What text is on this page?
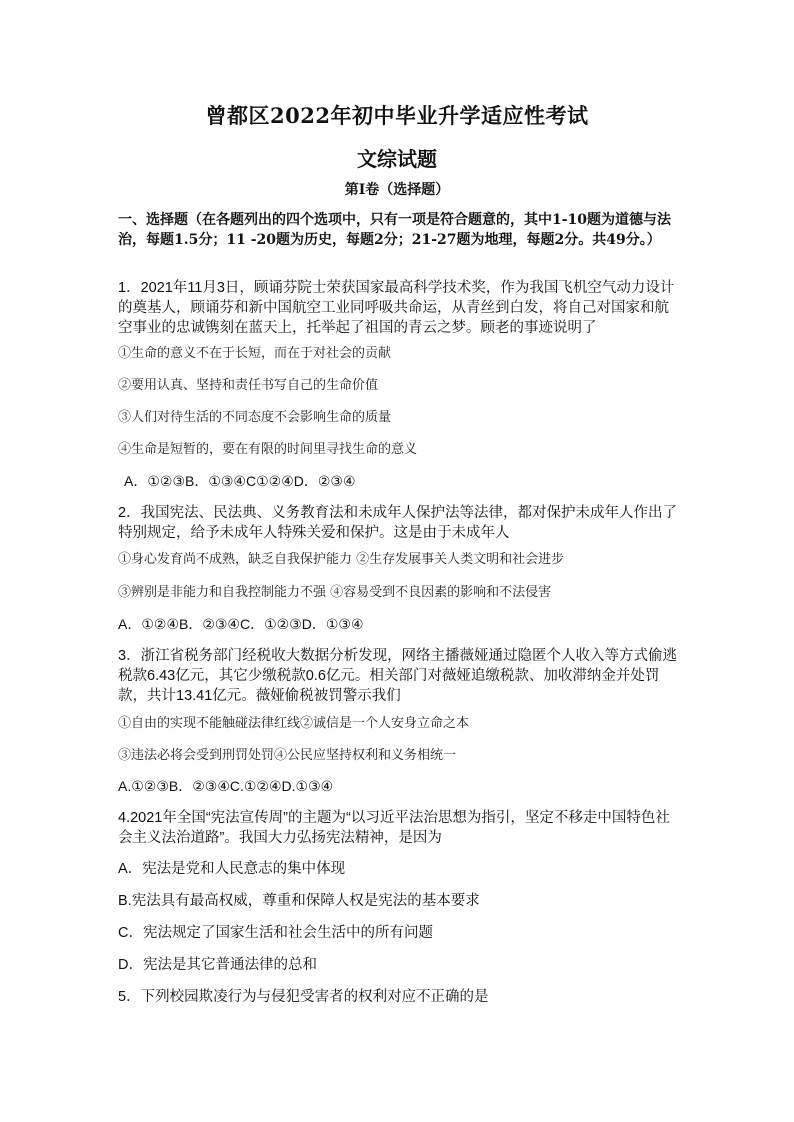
曾都区2022年初中毕业升学适应性考试
文综试题
第Ⅰ卷（选择题）
一、选择题（在各题列出的四个选项中，只有一项是符合题意的，其中1-10题为道德与法治，每题1.5分；11 -20题为历史，每题2分；21-27题为地理，每题2分。共49分。）
1．2021年11月3日，顾诵芬院士荣获国家最高科学技术奖，作为我国飞机空气动力设计的奠基人，顾诵芬和新中国航空工业同呼吸共命运，从青丝到白发，将自己对国家和航空事业的忠诚镌刻在蓝天上，托举起了祖国的青云之梦。顾老的事迹说明了
①生命的意义不在于长短，而在于对社会的贡献
②要用认真、坚持和责任书写自己的生命价值
③人们对待生活的不同态度不会影响生命的质量
④生命是短暂的，要在有限的时间里寻找生命的意义
A．①②③B．①③④C①②④D．②③④
2．我国宪法、民法典、义务教育法和未成年人保护法等法律，都对保护未成年人作出了特别规定，给予未成年人特殊关爱和保护。这是由于未成年人
①身心发育尚不成熟，缺乏自我保护能力 ②生存发展事关人类文明和社会进步
③辨别是非能力和自我控制能力不强 ④容易受到不良因素的影响和不法侵害
A．①②④B．②③④C．①②③D．①③④
3．浙江省税务部门经税收大数据分析发现，网络主播薇娅通过隐匿个人收入等方式偷逃税款6.43亿元，其它少缴税款0.6亿元。相关部门对薇娅追缴税款、加收滞纳金并处罚款，共计13.41亿元。薇娅偷税被罚警示我们
①自由的实现不能触碰法律红线②诚信是一个人安身立命之本
③违法必将会受到刑罚处罚④公民应坚持权利和义务相统一
A.①②③B．②③④C.①②④D.①③④
4.2021年全国“宪法宣传周”的主题为“以习近平法治思想为指引，坚定不移走中国特色社会主义法治道路”。我国大力弘扬宪法精神，是因为
A．宪法是党和人民意志的集中体现
B.宪法具有最高权威，尊重和保障人权是宪法的基本要求
C．宪法规定了国家生活和社会生活中的所有问题
D．宪法是其它普通法律的总和
5．下列校园欺凌行为与侵犯受害者的权利对应不正确的是
